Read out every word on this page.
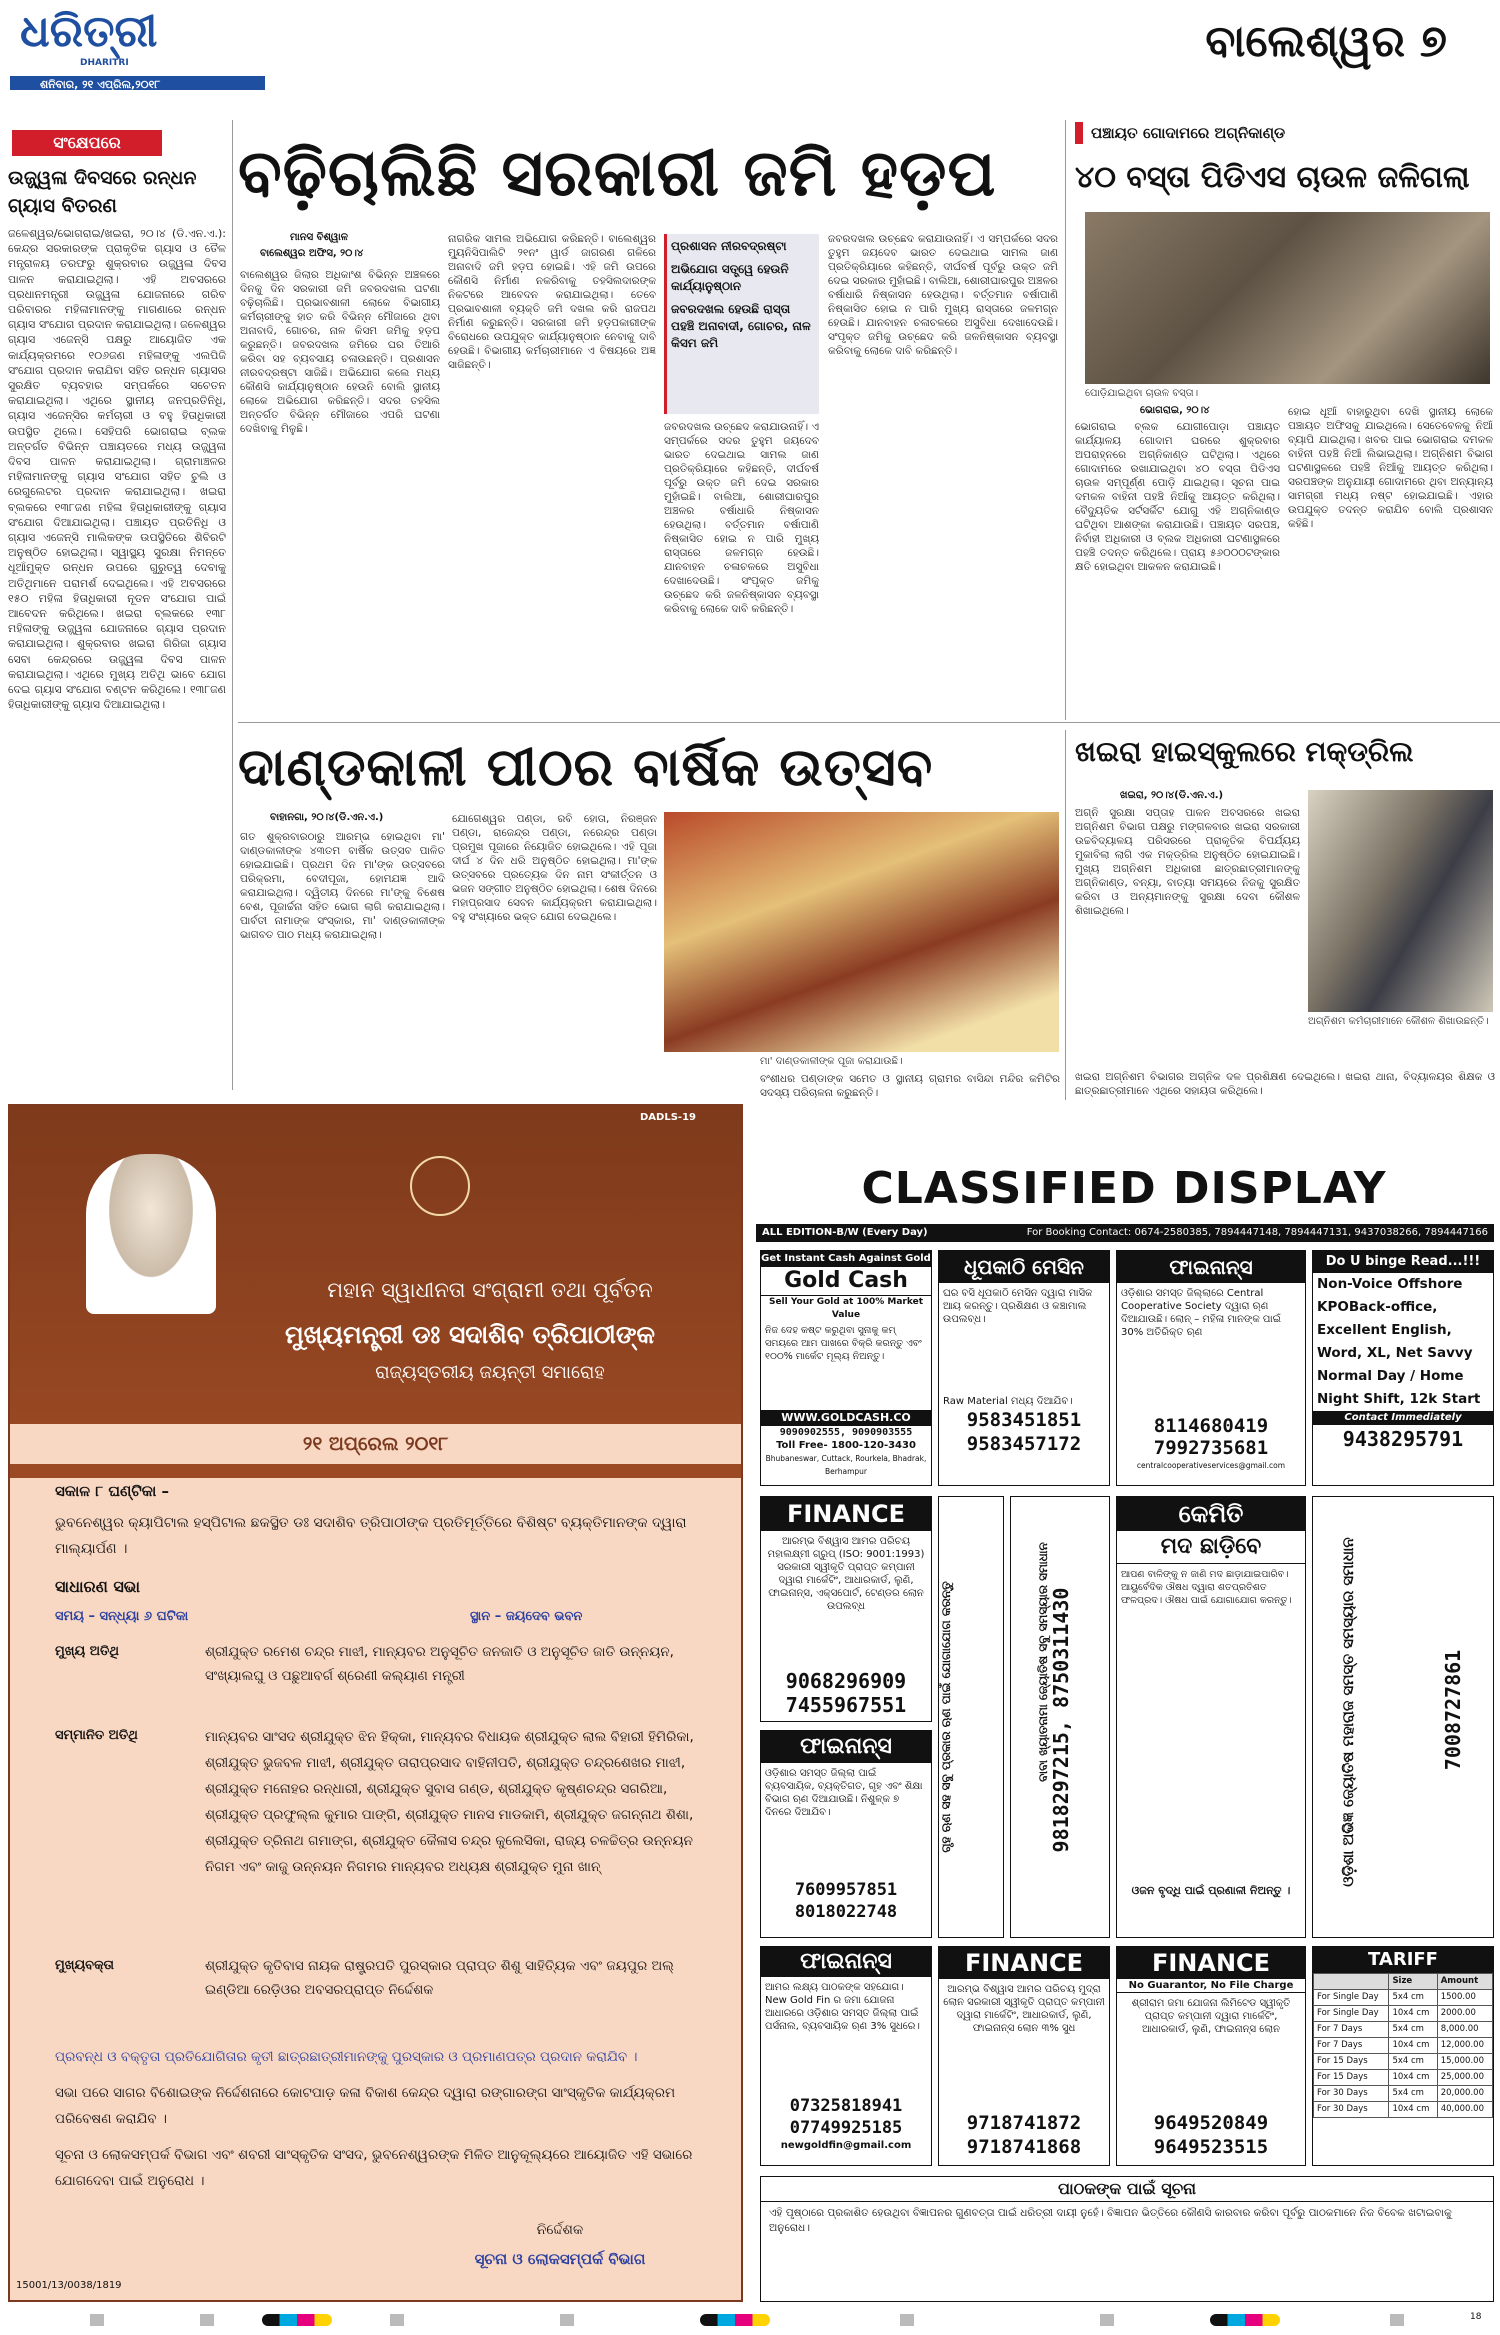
ଧରିତ୍ରୀ
DHARITRI
ଶନିବାର, ୨୧ ଏପ୍ରିଲ,୨୦୧୮
ବାଲେଶ୍ୱର ୭
ସଂକ୍ଷେପରେ
ଉଜ୍ଜ୍ୱଳା ଦିବସରେ ରନ୍ଧନ ଗ୍ୟାସ ବିତରଣ
ଜଳେଶ୍ୱର/ଭୋଗରାଇ/ଖଇରା, ୨୦।୪ (ଡି.ଏନ.ଏ.): କେନ୍ଦ୍ର ସରକାରଙ୍କ ପ୍ରାକୃତିକ ଗ୍ୟାସ ଓ ତୈଳ ମନ୍ତ୍ରାଳୟ ତରଫରୁ ଶୁକ୍ରବାର ଉଜ୍ଜ୍ୱଳା ଦିବସ ପାଳନ କରାଯାଇଥିଲା। ଏହି ଅବସରରେ ପ୍ରଧାନମନ୍ତ୍ରୀ ଉଜ୍ଜ୍ୱଳା ଯୋଜନାରେ ଗରିବ ପରିବାରର ମହିଳାମାନଙ୍କୁ ମାଗଣାରେ ରନ୍ଧନ ଗ୍ୟାସ ସଂଯୋଗ ପ୍ରଦାନ କରାଯାଇଥିଲା। ଜଳେଶ୍ୱର ଗ୍ୟାସ ଏଜେନ୍ସି ପକ୍ଷରୁ ଆୟୋଜିତ ଏକ କାର୍ଯ୍ୟକ୍ରମରେ ୧୦୬ଜଣ ମହିଳାଙ୍କୁ ଏଲପିଜି ସଂଯୋଗ ପ୍ରଦାନ କରାଯିବା ସହିତ ରନ୍ଧନ ଗ୍ୟାସର ସୁରକ୍ଷିତ ବ୍ୟବହାର ସମ୍ପର୍କରେ ସଚେତନ କରାଯାଇଥିଲା। ଏଥିରେ ସ୍ଥାନୀୟ ଜନପ୍ରତିନିଧି, ଗ୍ୟାସ ଏଜେନ୍ସିର କର୍ମଚାରୀ ଓ ବହୁ ହିତାଧିକାରୀ ଉପସ୍ଥିତ ଥିଲେ। ସେହିପରି ଭୋଗରାଇ ବ୍ଲକ ଅନ୍ତର୍ଗତ ବିଭିନ୍ନ ପଞ୍ଚାୟତରେ ମଧ୍ୟ ଉଜ୍ଜ୍ୱଳା ଦିବସ ପାଳନ କରାଯାଇଥିଲା। ଗ୍ରାମାଞ୍ଚଳର ମହିଳାମାନଙ୍କୁ ଗ୍ୟାସ ସଂଯୋଗ ସହିତ ଚୁଲି ଓ ରେଗୁଲେଟର ପ୍ରଦାନ କରାଯାଇଥିଲା। ଖଇରା ବ୍ଲକରେ ୧୩୮ଜଣ ମହିଳା ହିତାଧିକାରୀଙ୍କୁ ଗ୍ୟାସ ସଂଯୋଗ ଦିଆଯାଇଥିଲା। ପଞ୍ଚାୟତ ପ୍ରତିନିଧି ଓ ଗ୍ୟାସ ଏଜେନ୍ସି ମାଲିକଙ୍କ ଉପସ୍ଥିତିରେ ଶିବିରଟି ଅନୁଷ୍ଠିତ ହୋଇଥିଲା। ସ୍ୱାସ୍ଥ୍ୟ ସୁରକ୍ଷା ନିମନ୍ତେ ଧୂଆଁମୁକ୍ତ ରନ୍ଧନ ଉପରେ ଗୁରୁତ୍ୱ ଦେବାକୁ ଅତିଥିମାନେ ପରାମର୍ଶ ଦେଇଥିଲେ। ଏହି ଅବସରରେ ୧୫୦ ମହିଳା ହିତାଧିକାରୀ ନୂତନ ସଂଯୋଗ ପାଇଁ ଆବେଦନ କରିଥିଲେ। ଖଇରା ବ୍ଲକରେ ୧୩୮ ମହିଳାଙ୍କୁ ଉଜ୍ଜ୍ୱଳା ଯୋଜନାରେ ଗ୍ୟାସ ପ୍ରଦାନ କରାଯାଇଥିଲା। ଶୁକ୍ରବାର ଖଇରା ଗିରିଜା ଗ୍ୟାସ ସେବା କେନ୍ଦ୍ରରେ ଉଜ୍ଜ୍ୱଳା ଦିବସ ପାଳନ କରାଯାଇଥିଲା। ଏଥିରେ ମୁଖ୍ୟ ଅତିଥି ଭାବେ ଯୋଗ ଦେଇ ଗ୍ୟାସ ସଂଯୋଗ ବଣ୍ଟନ କରିଥିଲେ। ୧୩୮ଜଣ ହିତାଧିକାରୀଙ୍କୁ ଗ୍ୟାସ ଦିଆଯାଇଥିଲା।
ବଢ଼ିଚାଲିଛି ସରକାରୀ ଜମି ହଡ଼ପ
ମାନସ ବିଶ୍ୱାଳ
ବାଲେଶ୍ୱର ଅଫିସ, ୨୦।୪
ବାଲେଶ୍ୱର ଜିଲାର ଅଧିକାଂଶ ବିଭିନ୍ନ ଅଞ୍ଚଳରେ ଦିନକୁ ଦିନ ସରକାରୀ ଜମି ଜବରଦଖଲ ଘଟଣା ବଢ଼ିଚାଲିଛି। ପ୍ରଭାବଶାଳୀ ଲୋକେ ବିଭାଗୀୟ କର୍ମଚାରୀଙ୍କୁ ହାତ କରି ବିଭିନ୍ନ ମୌଜାରେ ଥିବା ଅନାବାଦି, ଗୋଚର, ନାଳ କିସମ ଜମିକୁ ହଡ଼ପ କରୁଛନ୍ତି। ଜବରଦଖଲ ଜମିରେ ଘର ତିଆରି କରିବା ସହ ବ୍ୟବସାୟ ଚଳାଉଛନ୍ତି। ପ୍ରଶାସନ ନୀରବଦ୍ରଷ୍ଟା ସାଜିଛି। ଅଭିଯୋଗ କଲେ ମଧ୍ୟ କୌଣସି କାର୍ଯ୍ୟାନୁଷ୍ଠାନ ହେଉନି ବୋଲି ସ୍ଥାନୀୟ ଲୋକେ ଅଭିଯୋଗ କରିଛନ୍ତି। ସଦର ତହସିଲ ଅନ୍ତର୍ଗତ ବିଭିନ୍ନ ମୌଜାରେ ଏପରି ଘଟଣା ଦେଖିବାକୁ ମିଳୁଛି।
ନାଗରିକ ସାମଲ ଅଭିଯୋଗ କରିଛନ୍ତି। ବାଲେଶ୍ୱର ମ୍ୟୁନିସିପାଲିଟି ୨୧ନଂ ୱାର୍ଡ ଜାଗରଣ ଗଳିରେ ଅନାବାଦି ଜମି ହଡ଼ପ ହୋଇଛି। ଏହି ଜମି ଉପରେ କୌଣସି ନିର୍ମାଣ ନକରିବାକୁ ତହସିଲଦାରଙ୍କ ନିକଟରେ ଆବେଦନ କରାଯାଇଥିଲା। ତେବେ ପ୍ରଭାବଶାଳୀ ବ୍ୟକ୍ତି ଜମି ଦଖଲ କରି ରାଜପଥ ନିର୍ମାଣ କରୁଛନ୍ତି। ସରକାରୀ ଜମି ହଡ଼ପକାରୀଙ୍କ ବିରୋଧରେ ଉପଯୁକ୍ତ କାର୍ଯ୍ୟାନୁଷ୍ଠାନ ନେବାକୁ ଦାବି ହେଉଛି। ବିଭାଗୀୟ କର୍ମଚାରୀମାନେ ଏ ବିଷୟରେ ଅଜ୍ଞ ସାଜିଛନ୍ତି।
ପ୍ରଶାସନ ନୀରବଦ୍ରଷ୍ଟା
ଅଭିଯୋଗ ସତ୍ତ୍ୱେ ହେଉନି କାର୍ଯ୍ୟାନୁଷ୍ଠାନ
ଜବରଦଖଲ ହେଉଛି ରାସ୍ତା ପହଞ୍ଚି ଅନାବାଦୀ, ଗୋଚର, ନାଳ କିସମ ଜମି
ଜବରଦଖଲ ଉଚ୍ଛେଦ କରାଯାଉନାହିଁ। ଏ ସମ୍ପର୍କରେ ସଦର ତୁହୁମ ଜୟଦେବ ଭାରତ ଦେଇଥାଇ ସାମଲ ଜାଣ ପ୍ରତିକ୍ରିୟାରେ କହିଛନ୍ତି, ଦୀର୍ଘବର୍ଷ ପୂର୍ବରୁ ଉକ୍ତ ଜମି ଦେଇ ସରକାର ମୁହାଁଇଛି। ବାଲିଆ, ଶୋରୀଘାରପୁର ଅଞ୍ଚଳର ବର୍ଷାଧାରି ନିଷ୍କାସନ ହେଉଥିଲା। ବର୍ତ୍ତମାନ ବର୍ଷାପାଣି ନିଷ୍କାସିତ ହୋଇ ନ ପାରି ମୁଖ୍ୟ ରାସ୍ତାରେ ଜଳମଗ୍ନ ହେଉଛି। ଯାନବାହନ ଚଳାଚଳରେ ଅସୁବିଧା ଦେଖାଦେଉଛି। ସଂପୃକ୍ତ ଜମିକୁ ଉଚ୍ଛେଦ କରି ଜଳନିଷ୍କାସନ ବ୍ୟବସ୍ଥା କରିବାକୁ ଲୋକେ ଦାବି କରିଛନ୍ତି।
ଜବରଦଖଲ ଉଚ୍ଛେଦ କରାଯାଉନାହିଁ। ଏ ସମ୍ପର୍କରେ ସଦର ତୁହୁମ ଜୟଦେବ ଭାରତ ଦେଇଥାଇ ସାମଲ ଜାଣ ପ୍ରତିକ୍ରିୟାରେ କହିଛନ୍ତି, ଦୀର୍ଘବର୍ଷ ପୂର୍ବରୁ ଉକ୍ତ ଜମି ଦେଇ ସରକାର ମୁହାଁଇଛି। ବାଲିଆ, ଶୋରୀଘାରପୁର ଅଞ୍ଚଳର ବର୍ଷାଧାରି ନିଷ୍କାସନ ହେଉଥିଲା। ବର୍ତ୍ତମାନ ବର୍ଷାପାଣି ନିଷ୍କାସିତ ହୋଇ ନ ପାରି ମୁଖ୍ୟ ରାସ୍ତାରେ ଜଳମଗ୍ନ ହେଉଛି। ଯାନବାହନ ଚଳାଚଳରେ ଅସୁବିଧା ଦେଖାଦେଉଛି। ସଂପୃକ୍ତ ଜମିକୁ ଉଚ୍ଛେଦ କରି ଜଳନିଷ୍କାସନ ବ୍ୟବସ୍ଥା କରିବାକୁ ଲୋକେ ଦାବି କରିଛନ୍ତି।
ପଞ୍ଚାୟତ ଗୋଦାମରେ ଅଗ୍ନିକାଣ୍ଡ
୪୦ ବସ୍ତା ପିଡିଏସ ଚାଉଳ ଜଳିଗଲା
ପୋଡ଼ିଯାଇଥିବା ଚାଉଳ ବସ୍ତା।
ଭୋଗରାଇ, ୨୦।୪
ଭୋଗରାଇ ବ୍ଲକ ଯୋଗୀପୋଡ଼ା ପଞ୍ଚାୟତ କାର୍ଯ୍ୟାଳୟ ଗୋଦାମ ଘରରେ ଶୁକ୍ରବାର ଅପରାହ୍ନରେ ଅଗ୍ନିକାଣ୍ଡ ଘଟିଥିଲା। ଏଥିରେ ଗୋଦାମରେ ରଖାଯାଇଥିବା ୪୦ ବସ୍ତା ପିଡିଏସ ଚାଉଳ ସମ୍ପୂର୍ଣ୍ଣ ପୋଡ଼ି ଯାଇଥିଲା। ସୂଚନା ପାଇ ଦମକଳ ବାହିନୀ ପହଞ୍ଚି ନିଆଁକୁ ଆୟତ୍ତ କରିଥିଲା। ବୈଦ୍ୟୁତିକ ସର୍ଟସର୍କିଟ ଯୋଗୁ ଏହି ଅଗ୍ନିକାଣ୍ଡ ଘଟିଥିବା ଆଶଙ୍କା କରାଯାଉଛି। ପଞ୍ଚାୟତ ସରପଞ୍ଚ, ନିର୍ବାହୀ ଅଧିକାରୀ ଓ ବ୍ଲକ ଅଧିକାରୀ ଘଟଣାସ୍ଥଳରେ ପହଞ୍ଚି ତଦନ୍ତ କରିଥିଲେ। ପ୍ରାୟ ୫୬୦୦୦ଟଙ୍କାର କ୍ଷତି ହୋଇଥିବା ଆକଳନ କରାଯାଇଛି।
ହୋଇ ଧୂଆଁ ବାହାରୁଥିବା ଦେଖି ସ୍ଥାନୀୟ ଲୋକେ ପଞ୍ଚାୟତ ଅଫିସକୁ ଯାଇଥିଲେ। ସେତେବେଳକୁ ନିଆଁ ବ୍ୟାପି ଯାଇଥିଲା। ଖବର ପାଇ ଭୋଗରାଇ ଦମକଳ ବାହିନୀ ପହଞ୍ଚି ନିଆଁ ଲିଭାଇଥିଲା। ଅଗ୍ନିଶମ ବିଭାଗ ଘଟଣାସ୍ଥଳରେ ପହଞ୍ଚି ନିଆଁକୁ ଆୟତ୍ତ କରିଥିଲା। ସରପଞ୍ଚଙ୍କ ଅନୁଯାୟୀ ଗୋଦାମରେ ଥିବା ଅନ୍ୟାନ୍ୟ ସାମଗ୍ରୀ ମଧ୍ୟ ନଷ୍ଟ ହୋଇଯାଇଛି। ଏହାର ଉପଯୁକ୍ତ ତଦନ୍ତ କରାଯିବ ବୋଲି ପ୍ରଶାସନ କହିଛି।
ଦାଣ୍ଡକାଳୀ ପୀଠର ବାର୍ଷିକ ଉତ୍ସବ
ବାହାନଗା, ୨୦।୪(ଡି.ଏନ.ଏ.)
ଗତ ଶୁକ୍ରବାରଠାରୁ ଆରମ୍ଭ ହୋଇଥିବା ମା' ଦାଣ୍ଡକାଳୀଙ୍କ ୪୩ତମ ବାର୍ଷିକ ଉତ୍ସବ ପାଳିତ ହୋଇଯାଇଛି। ପ୍ରଥମ ଦିନ ମା'ଙ୍କ ଉତ୍ସବରେ ପରିକ୍ରମା, ବେଦୀପୂଜା, ହୋମଯଜ୍ଞ ଆଦି କରାଯାଇଥିଲା। ଦ୍ୱିତୀୟ ଦିନରେ ମା'ଙ୍କୁ ବିଶେଷ ବେଶ, ପୂଜାର୍ଚ୍ଚନା ସହିତ ଭୋଗ ଲାଗି କରାଯାଇଥିଲା। ପାର୍ବତୀ ନାମାଙ୍କ ସଂସ୍କାର, ମା' ଦାଣ୍ଡକାଳୀଙ୍କ ଭାଗବତ ପାଠ ମଧ୍ୟ କରାଯାଇଥିଲା।
ଯୋଗେଶ୍ୱର ପଣ୍ଡା, ରବି ହୋତା, ନିରଞ୍ଜନ ପଣ୍ଡା, ରାଜେନ୍ଦ୍ର ପଣ୍ଡା, ନରେନ୍ଦ୍ର ପଣ୍ଡା ପ୍ରମୁଖ ପୂଜାରେ ନିୟୋଜିତ ହୋଇଥିଲେ। ଏହି ପୂଜା ଦୀର୍ଘ ୪ ଦିନ ଧରି ଅନୁଷ୍ଠିତ ହୋଇଥିଲା। ମା'ଙ୍କ ଉତ୍ସବରେ ପ୍ରତ୍ୟେକ ଦିନ ନାମ ସଂକୀର୍ତ୍ତନ ଓ ଭଜନ ସଙ୍ଗୀତ ଅନୁଷ୍ଠିତ ହୋଇଥିଲା। ଶେଷ ଦିନରେ ମହାପ୍ରସାଦ ସେବନ କାର୍ଯ୍ୟକ୍ରମ କରାଯାଇଥିଲା। ବହୁ ସଂଖ୍ୟାରେ ଭକ୍ତ ଯୋଗ ଦେଇଥିଲେ।
ମା' ଦାଣ୍ଡକାଳୀଙ୍କ ପୂଜା କରାଯାଉଛି।
ବଂଶୀଧର ପଣ୍ଡାଙ୍କ ସମେତ ଓ ସ୍ଥାନୀୟ ଗ୍ରାମର ବାସିନ୍ଦା ମନ୍ଦିର କମିଟିର ସଦସ୍ୟ ପରିଚାଳନା କରୁଛନ୍ତି।
ଖଇରା ହାଇସ୍କୁଲରେ ମକ୍‌ଡ୍ରିଲ
ଖଇରା, ୨୦।୪(ଡି.ଏନ.ଏ.)
ଅଗ୍ନି ସୁରକ୍ଷା ସପ୍ତାହ ପାଳନ ଅବସରରେ ଖଇରା ଅଗ୍ନିଶମ ବିଭାଗ ପକ୍ଷରୁ ମଙ୍ଗଳବାର ଖଇରା ସରକାରୀ ଉଚ୍ଚବିଦ୍ୟାଳୟ ପରିସରରେ ପ୍ରାକୃତିକ ବିପର୍ଯ୍ୟୟ ମୁକାବିଲା ଲାଗି ଏକ ମକ୍‌ଡ୍ରିଲ ଅନୁଷ୍ଠିତ ହୋଇଯାଇଛି। ମୁଖ୍ୟ ଅଗ୍ନିଶମ ଅଧିକାରୀ ଛାତ୍ରଛାତ୍ରୀମାନଙ୍କୁ ଅଗ୍ନିକାଣ୍ଡ, ବନ୍ୟା, ବାତ୍ୟା ସମୟରେ ନିଜକୁ ସୁରକ୍ଷିତ କରିବା ଓ ଅନ୍ୟମାନଙ୍କୁ ସୁରକ୍ଷା ଦେବା କୌଶଳ ଶିଖାଇଥିଲେ।
ଅଗ୍ନିଶମ କର୍ମଚାରୀମାନେ କୌଶଳ ଶିଖାଉଛନ୍ତି।
ଖଇରା ଅଗ୍ନିଶମ ବିଭାଗର ଅଗ୍ନିକ ଦଳ ପ୍ରଶିକ୍ଷଣ ଦେଇଥିଲେ। ଖଇରା ଥାନା, ବିଦ୍ୟାଳୟର ଶିକ୍ଷକ ଓ ଛାତ୍ରଛାତ୍ରୀମାନେ ଏଥିରେ ସହାୟତା କରିଥିଲେ।
DADLS-19
ମହାନ ସ୍ୱାଧୀନତା ସଂଗ୍ରାମୀ ତଥା ପୂର୍ବତନ
ମୁଖ୍ୟମନ୍ତ୍ରୀ ଡଃ ସଦାଶିବ ତ୍ରିପାଠୀଙ୍କ
ରାଜ୍ୟସ୍ତରୀୟ ଜୟନ୍ତୀ ସମାରୋହ
୨୧ ଅପ୍ରେଲ ୨୦୧୮
ସକାଳ ୮ ଘଣ୍ଟିକା –
ଭୁବନେଶ୍ୱର କ୍ୟାପିଟାଲ ହସ୍ପିଟାଲ ଛକସ୍ଥିତ ଡଃ ସଦାଶିବ ତ୍ରିପାଠୀଙ୍କ ପ୍ରତିମୂର୍ତ୍ତିରେ ବିଶିଷ୍ଟ ବ୍ୟକ୍ତିମାନଙ୍କ ଦ୍ୱାରା ମାଲ୍ୟାର୍ପଣ ।
ସାଧାରଣ ସଭା
ସମୟ – ସନ୍ଧ୍ୟା ୬ ଘଟିକା	ସ୍ଥାନ – ଜୟଦେବ ଭବନ
ମୁଖ୍ୟ ଅତିଥି	ଶ୍ରୀଯୁକ୍ତ ରମେଶ ଚନ୍ଦ୍ର ମାଝୀ, ମାନ୍ୟବର ଅନୁସୂଚିତ ଜନଜାତି ଓ ଅନୁସୂଚିତ ଜାତି ଉନ୍ନୟନ, ସଂଖ୍ୟାଲଘୁ ଓ ପଛୁଆବର୍ଗ ଶ୍ରେଣୀ କଲ୍ୟାଣ ମନ୍ତ୍ରୀ
ସମ୍ମାନିତ ଅତିଥି	ମାନ୍ୟବର ସାଂସଦ ଶ୍ରୀଯୁକ୍ତ ଝିନ ହିକ୍କା, ମାନ୍ୟବର ବିଧାୟକ ଶ୍ରୀଯୁକ୍ତ ଲାଲ ବିହାରୀ ହିମିରିକା, ଶ୍ରୀଯୁକ୍ତ ଭୁଜବଳ ମାଝୀ, ଶ୍ରୀଯୁକ୍ତ ତାରାପ୍ରସାଦ ବାହିନୀପତି, ଶ୍ରୀଯୁକ୍ତ ଚନ୍ଦ୍ରଶେଖର ମାଝୀ, ଶ୍ରୀଯୁକ୍ତ ମନୋହର ରନ୍ଧାରୀ, ଶ୍ରୀଯୁକ୍ତ ସୁବାସ ଗଣ୍ଡ, ଶ୍ରୀଯୁକ୍ତ କୃଷ୍ଣଚନ୍ଦ୍ର ସଗରିଆ, ଶ୍ରୀଯୁକ୍ତ ପ୍ରଫୁଲ୍ଲ କୁମାର ପାଙ୍ଗି, ଶ୍ରୀଯୁକ୍ତ ମାନସ ମାଡକାମି, ଶ୍ରୀଯୁକ୍ତ ଜଗନ୍ନାଥ ଶିଶା, ଶ୍ରୀଯୁକ୍ତ ତ୍ରିନାଥ ଗମାଙ୍ଗ, ଶ୍ରୀଯୁକ୍ତ କୈଳାସ ଚନ୍ଦ୍ର କୁଲେସିକା, ରାଜ୍ୟ ଚଳଚ୍ଚିତ୍ର ଉନ୍ନୟନ ନିଗମ ଏବଂ କାଜୁ ଉନ୍ନୟନ ନିଗମର ମାନ୍ୟବର ଅଧ୍ୟକ୍ଷ ଶ୍ରୀଯୁକ୍ତ ମୁନା ଖାନ୍
ମୁଖ୍ୟବକ୍ତା	ଶ୍ରୀଯୁକ୍ତ କୃତିବାସ ନାୟକ ରାଷ୍ଟ୍ରପତି ପୁରସ୍କାର ପ୍ରାପ୍ତ ଶିଶୁ ସାହିତ୍ୟିକ ଏବଂ ଜୟପୁର ଅଲ୍ ଇଣ୍ଡିଆ ରେଡ଼ିଓର ଅବସରପ୍ରାପ୍ତ ନିର୍ଦ୍ଦେଶକ
ପ୍ରବନ୍ଧ ଓ ବକ୍ତୃତା ପ୍ରତିଯୋଗିତାର କୃତୀ ଛାତ୍ରଛାତ୍ରୀମାନଙ୍କୁ ପୁରସ୍କାର ଓ ପ୍ରମାଣପତ୍ର ପ୍ରଦାନ କରାଯିବ ।
ସଭା ପରେ ସାଗର ବିଶୋଇଙ୍କ ନିର୍ଦ୍ଦେଶନାରେ କୋଟପାଡ଼ କଳା ବିକାଶ କେନ୍ଦ୍ର ଦ୍ୱାରା ରଙ୍ଗାରଙ୍ଗ ସାଂସ୍କୃତିକ କାର୍ଯ୍ୟକ୍ରମ ପରିବେଷଣ କରାଯିବ ।
ସୂଚନା ଓ ଲୋକସମ୍ପର୍କ ବିଭାଗ ଏବଂ ଶବରୀ ସାଂସ୍କୃତିକ ସଂସଦ, ଭୁବନେଶ୍ୱରଙ୍କ ମିଳିତ ଆନୁକୂଲ୍ୟରେ ଆୟୋଜିତ ଏହି ସଭାରେ ଯୋଗଦେବା ପାଇଁ ଅନୁରୋଧ ।
ନିର୍ଦ୍ଦେଶକ
ସୂଚନା ଓ ଲୋକସମ୍ପର୍କ ବିଭାଗ
15001/13/0038/1819
CLASSIFIED DISPLAY
ALL EDITION-B/W (Every Day)	For Booking Contact: 0674-2580385, 7894447148, 7894447131, 9437038266, 7894447166
Get Instant Cash Against Gold
Gold Cash
Sell Your Gold at 100% Market Value
ନିଜ ଦେହ କଷ୍ଟ କରୁଥିବା ସୁନାକୁ କମ୍ ସମୟରେ ଆମ ପାଖରେ ବିକ୍ରି କରନ୍ତୁ ଏବଂ ୧୦୦% ମାର୍କେଟ ମୂଲ୍ୟ ନିଅନ୍ତୁ।
WWW.GOLDCASH.CO
9090902555, 9090903555
Toll Free- 1800-120-3430
Bhubaneswar, Cuttack, Rourkela, Bhadrak, Berhampur
ଧୂପକାଠି ମେସିନ
ଘର ବସି ଧୂପକାଠି ମେସିନ ଦ୍ୱାରା ମାସିକ ଆୟ କରନ୍ତୁ। ପ୍ରଶିକ୍ଷଣ ଓ କଞ୍ଚାମାଲ ଉପଲବ୍ଧ।
Raw Material ମଧ୍ୟ ଦିଆଯିବ।
9583451851
9583457172
ଫାଇନାନ୍ସ
ଓଡ଼ିଶାର ସମସ୍ତ ଜିଲ୍ଲାରେ Central Cooperative Society ଦ୍ୱାରା ଋଣ ଦିଆଯାଉଛି। ଲୋନ୍ – ମହିଳା ମାନଙ୍କ ପାଇଁ 30% ଅତିରିକ୍ତ ଋଣ
8114680419
7992735681
centralcooperativeservices@gmail.com
Do U binge Read...!!!
Non-Voice Offshore
KPOBack-office,
Excellent English,
Word, XL, Net Savvy
Normal Day / Home
Night Shift, 12k Start
Contact Immediately
9438295791
FINANCE
ଆରମ୍ଭ ବିଶ୍ୱାସ ଆମର ପରିଚୟ ମହାଲକ୍ଷ୍ମୀ ଗ୍ରୁପ୍ (ISO: 9001:1993) ସରକାରୀ ସ୍ୱୀକୃତି ପ୍ରାପ୍ତ କମ୍ପାନୀ ଦ୍ୱାରା ମାର୍କେଟିଂ, ଆଧାରକାର୍ଡ, ଲୁଣି, ଫାଇନାନ୍ସ, ଏକ୍ସପୋର୍ଟ, ଟେଣ୍ଡର ଲୋନ ଉପଲବ୍ଧ
9068296909
7455967551	ଗୃହ ଋଣ ସହ ସବୁ ପ୍ରକାର ଋଣ ପାଇଁ ଯୋଗାଯୋଗ କରନ୍ତୁ	ବାବା ଖ୍ୟାତନାମା ଜ୍ୟୋତିଷ ସବୁ ସମସ୍ୟାର ସମାଧାନ 9818297215, 8750311430
କେମିତି
ମଦ ଛାଡ଼ିବେ
ଆପଣ ବାଳିଙ୍କୁ ନ ଜାଣି ମଦ ଛାଡ଼ାଯାଇପାରିବ। ଆୟୁର୍ବେଦିକ ଔଷଧ ଦ୍ୱାରା ଶତପ୍ରତିଶତ ଫଳପ୍ରଦ। ଔଷଧ ପାଇଁ ଯୋଗାଯୋଗ କରନ୍ତୁ।
ଓଜନ ବୃଦ୍ଧି ପାଇଁ ପ୍ରଣାଳୀ ନିଅନ୍ତୁ ।
ଓଡ଼ିଶା ଅଭିଜ୍ଞ ଜ୍ୟୋତିଷ ମହାରାଜ ସମସ୍ତ ସମସ୍ୟାର ସମାଧାନ	7008727861
ଫାଇନାନ୍ସ
ଓଡ଼ିଶାର ସମସ୍ତ ଜିଲ୍ଲା ପାଇଁ ବ୍ୟବସାୟିକ, ବ୍ୟକ୍ତିଗତ, ଗୃହ ଏବଂ ଶିକ୍ଷା ବିଭାଗ ଋଣ ଦିଆଯାଉଛି। ନିଶୁଳ୍କ ୭ ଦିନରେ ଦିଆଯିବ।
7609957851
8018022748
ଫାଇନାନ୍ସ
ଆମର ଲକ୍ଷ୍ୟ ପାଠକଙ୍କ ସହଯୋଗ। New Gold Fin ର ଜମା ଯୋଜନା ଆଧାରରେ ଓଡ଼ିଶାର ସମସ୍ତ ଜିଲ୍ଲା ପାଇଁ ପର୍ସନାଲ, ବ୍ୟବସାୟିକ ଋଣ 3% ସୁଧରେ।
07325818941
07749925185
newgoldfin@gmail.com
FINANCE
ଆରମ୍ଭ ବିଶ୍ୱାସ ଆମର ପରିଚୟ ମୁଦ୍ରା ଲୋନ ସରକାରୀ ସ୍ୱୀକୃତି ପ୍ରାପ୍ତ କମ୍ପାନୀ ଦ୍ୱାରା ମାର୍କେଟିଂ, ଆଧାରକାର୍ଡ, ଲୁଣି, ଫାଇନାନ୍ସ ଲୋନ ୩% ସୁଧ
9718741872
9718741868
FINANCE
No Guarantor, No File Charge
ଶ୍ରୀରାମ ଜମା ଯୋଜନା ଲିମିଟେଡ ସ୍ୱୀକୃତି ପ୍ରାପ୍ତ କମ୍ପାନୀ ଦ୍ୱାରା ମାର୍କେଟିଂ, ଆଧାରକାର୍ଡ, ଲୁଣି, ଫାଇନାନ୍ସ ଲୋନ
9649520849
9649523515
TARIFF
	Size	Amount
For Single Day	5x4 cm	1500.00
For Single Day	10x4 cm	2000.00
For 7 Days	5x4 cm	8,000.00
For 7 Days	10x4 cm	12,000.00
For 15 Days	5x4 cm	15,000.00
For 15 Days	10x4 cm	25,000.00
For 30 Days	5x4 cm	20,000.00
For 30 Days	10x4 cm	40,000.00
ପାଠକଙ୍କ ପାଇଁ ସୂଚନା
ଏହି ପୃଷ୍ଠାରେ ପ୍ରକାଶିତ ହେଉଥିବା ବିଜ୍ଞାପନର ଗୁଣବତ୍ତା ପାଇଁ ଧରିତ୍ରୀ ଦାୟୀ ନୁହେଁ। ବିଜ୍ଞାପନ ଭିତ୍ତିରେ କୌଣସି କାରବାର କରିବା ପୂର୍ବରୁ ପାଠକମାନେ ନିଜ ବିବେକ ଖଟାଇବାକୁ ଅନୁରୋଧ।
18
